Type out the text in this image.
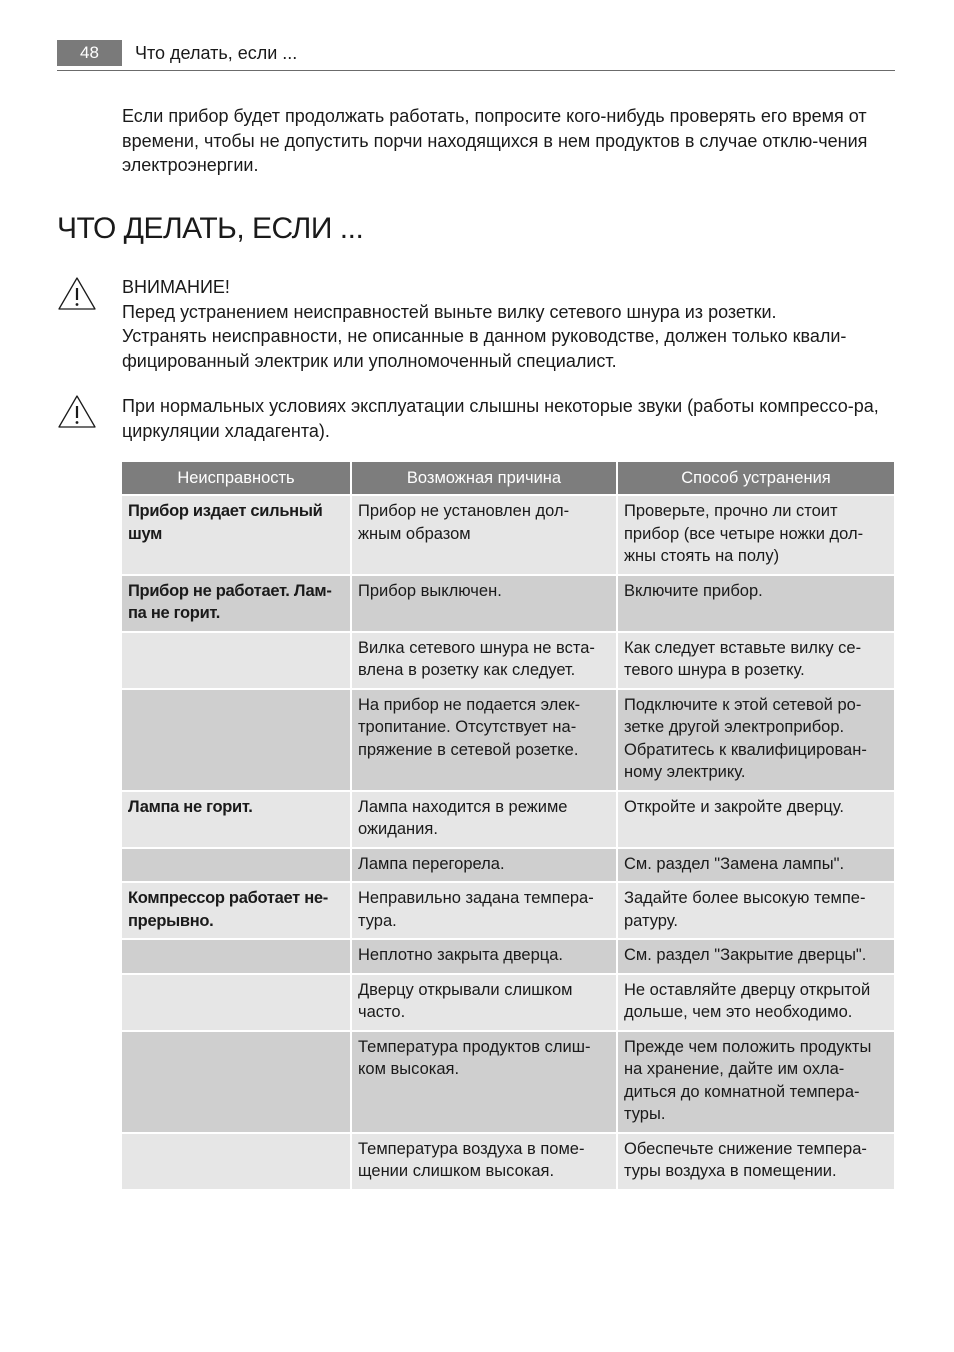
48	Что делать, если ...

Если прибор будет продолжать работать, попросите кого-нибудь проверять его время от времени, чтобы не допустить порчи находящихся в нем продуктов в случае отклю-чения электроэнергии.

ЧТО ДЕЛАТЬ, ЕСЛИ ...

ВНИМАНИЕ!

Перед устранением неисправностей выньте вилку сетевого шнура из розетки.

Устранять неисправности, не описанные в данном руководстве, должен только квали-фицированный электрик или уполномоченный специалист.

При нормальных условиях эксплуатации слышны некоторые звуки (работы компрессо-ра, циркуляции хладагента).

Неисправность	Возможная причина	Способ устранения
Прибор издает сильный шум	Прибор не установлен дол-жным образом	Проверьте, прочно ли стоит прибор (все четыре ножки дол-жны стоять на полу)
Прибор не работает. Лам-па не горит.	Прибор выключен.	Включите прибор.
	Вилка сетевого шнура не вста-влена в розетку как следует.	Как следует вставьте вилку се-тевого шнура в розетку.
	На прибор не подается элек-тропитание. Отсутствует на-пряжение в сетевой розетке.	Подключите к этой сетевой ро-зетке другой электроприбор. Обратитесь к квалифицирован-ному электрику.
Лампа не горит.	Лампа находится в режиме ожидания.	Откройте и закройте дверцу.
	Лампа перегорела.	См. раздел "Замена лампы".
Компрессор работает не-прерывно.	Неправильно задана темпера-тура.	Задайте более высокую темпе-ратуру.
	Неплотно закрыта дверца.	См. раздел "Закрытие дверцы".
	Дверцу открывали слишком часто.	Не оставляйте дверцу открытой дольше, чем это необходимо.
	Температура продуктов слиш-ком высокая.	Прежде чем положить продукты на хранение, дайте им охла-диться до комнатной темпера-туры.
	Температура воздуха в поме-щении слишком высокая.	Обеспечьте снижение темпера-туры воздуха в помещении.
